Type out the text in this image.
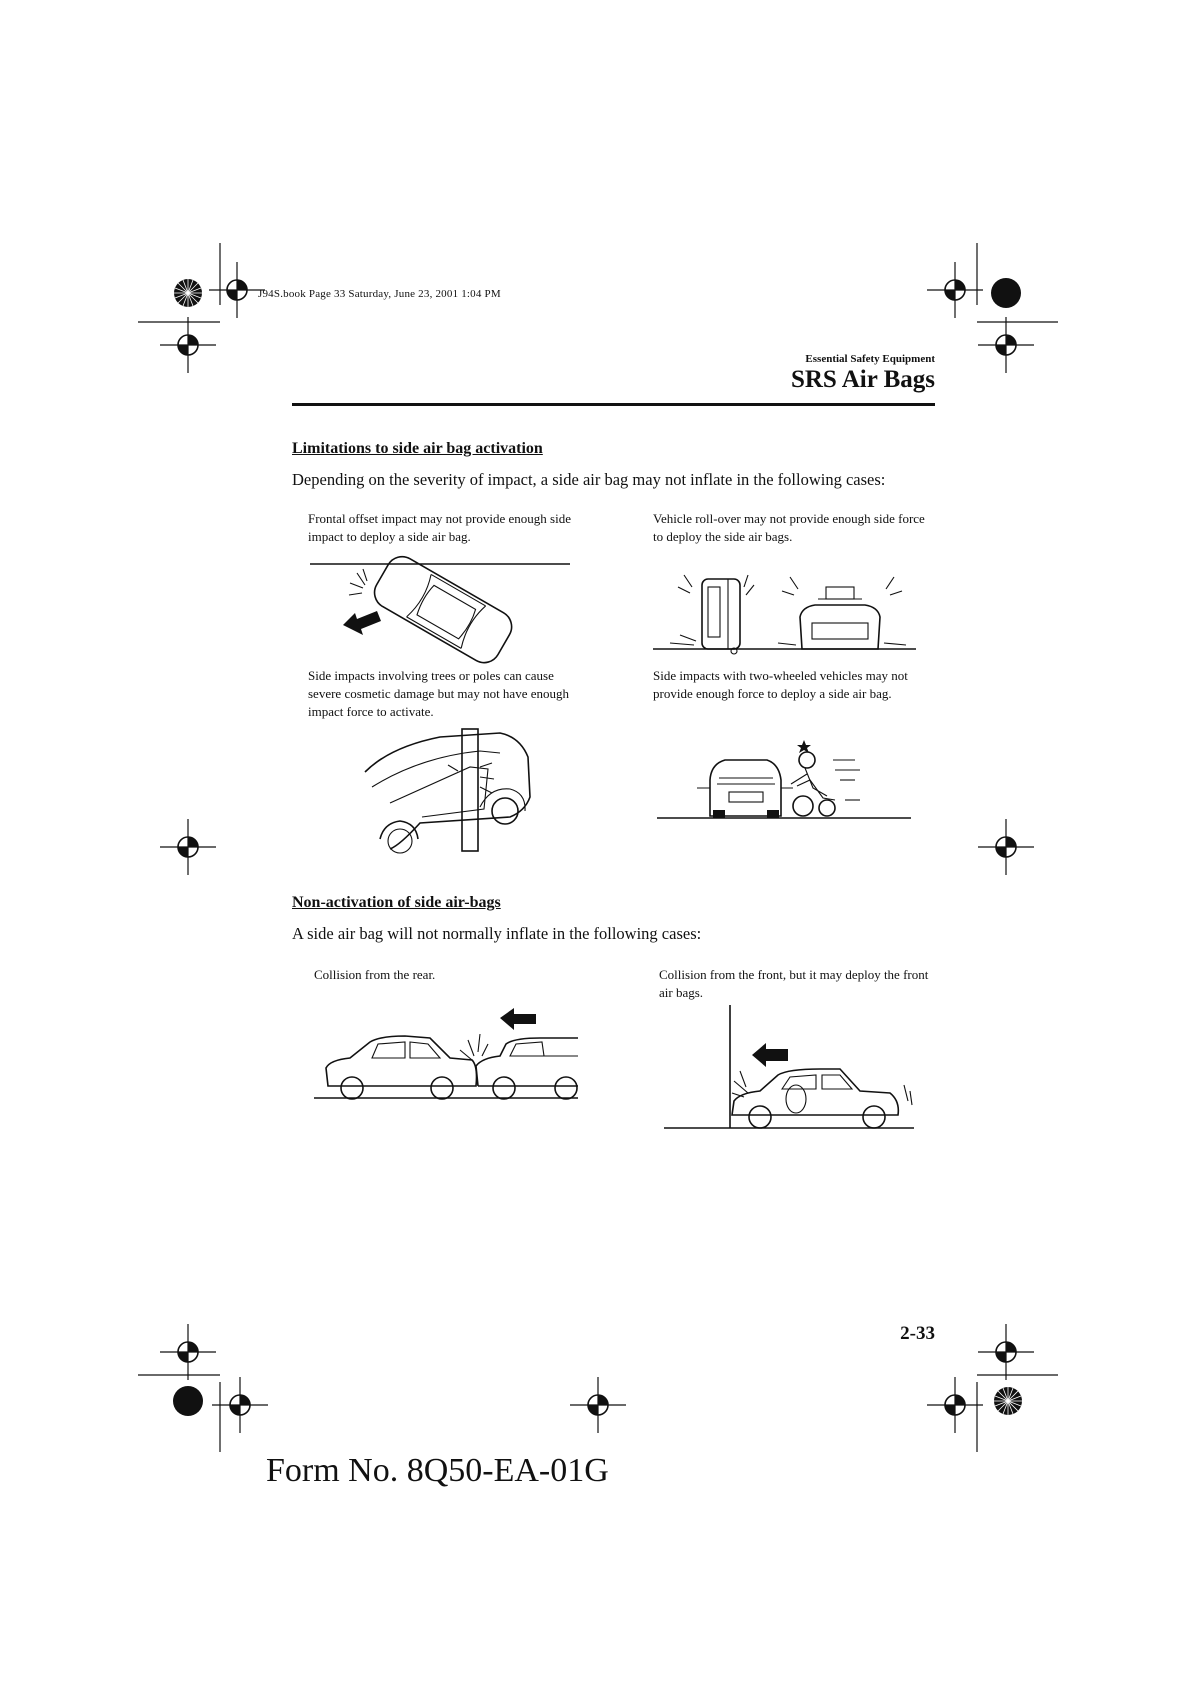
J94S.book Page 33 Saturday, June 23, 2001 1:04 PM
Essential Safety Equipment
SRS Air Bags
Limitations to side air bag activation
Depending on the severity of impact, a side air bag may not inflate in the following cases:
Frontal offset impact may not provide enough side impact to deploy a side air bag.
Vehicle roll-over may not provide enough side force to deploy the side air bags.
Side impacts involving trees or poles can cause severe cosmetic damage but may not have enough impact force to activate.
Side impacts with two-wheeled vehicles may not provide enough force to deploy a side air bag.
Non-activation of side air-bags
A side air bag will not normally inflate in the following cases:
Collision from the rear.	Collision from the front, but it may deploy the front air bags.
2-33
Form No. 8Q50-EA-01G
